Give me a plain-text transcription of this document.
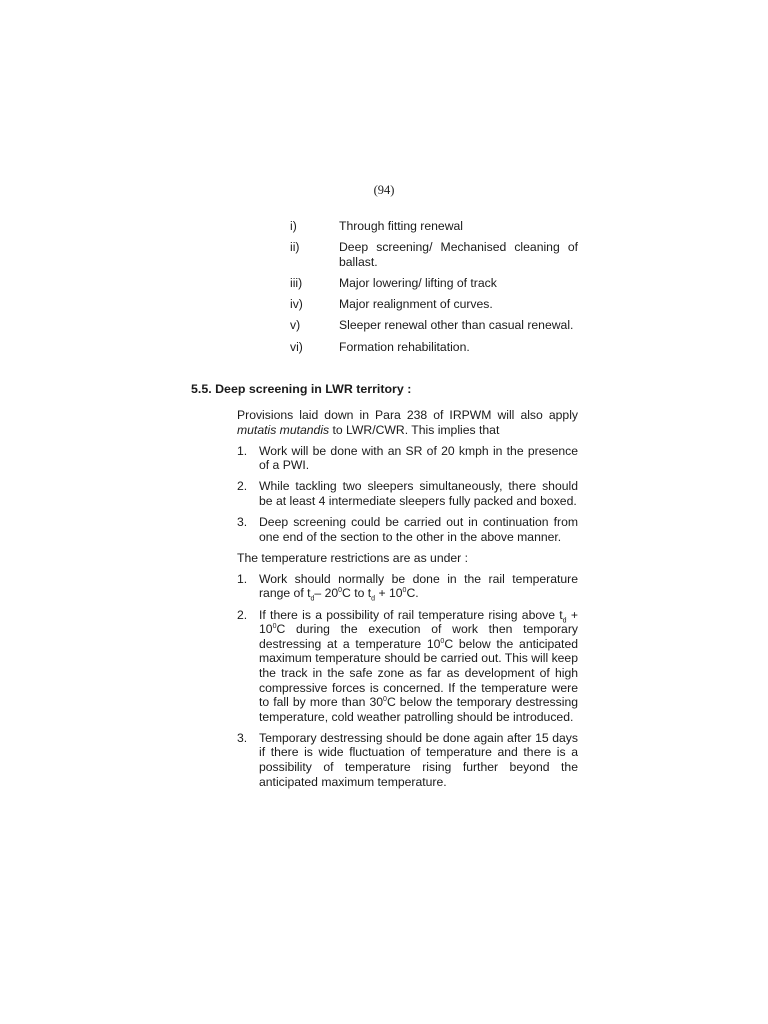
(94)
i)	Through fitting renewal
ii)	Deep screening/ Mechanised cleaning of ballast.
iii)	Major lowering/ lifting of track
iv)	Major realignment of curves.
v)	Sleeper renewal other than casual renewal.
vi)	Formation rehabilitation.
5.5. Deep screening in LWR territory :

Provisions laid down in Para 238 of IRPWM will also apply mutatis mutandis to LWR/CWR. This implies that

1. Work will be done with an SR of 20 kmph in the presence of a PWI.
2. While tackling two sleepers simultaneously, there should be at least 4 intermediate sleepers fully packed and boxed.
3. Deep screening could be carried out in continuation from one end of the section to the other in the above manner.

The temperature restrictions are as under :

1. Work should normally be done in the rail temperature range of $t_d-$ $20^0C$ to $t_d + 10^0C$.
2. If there is a possibility of rail temperature rising above $t_d + 10^0C$ during the execution of work then temporary destressing at a temperature $10^0C$ below the anticipated maximum temperature should be carried out. This will keep the track in the safe zone as far as development of high compressive forces is concerned. If the temperature were to fall by more than $30^0C$ below the temporary destressing temperature, cold weather patrolling should be introduced.
3. Temporary destressing should be done again after 15 days if there is wide fluctuation of temperature and there is a possibility of temperature rising further beyond the anticipated maximum temperature.
